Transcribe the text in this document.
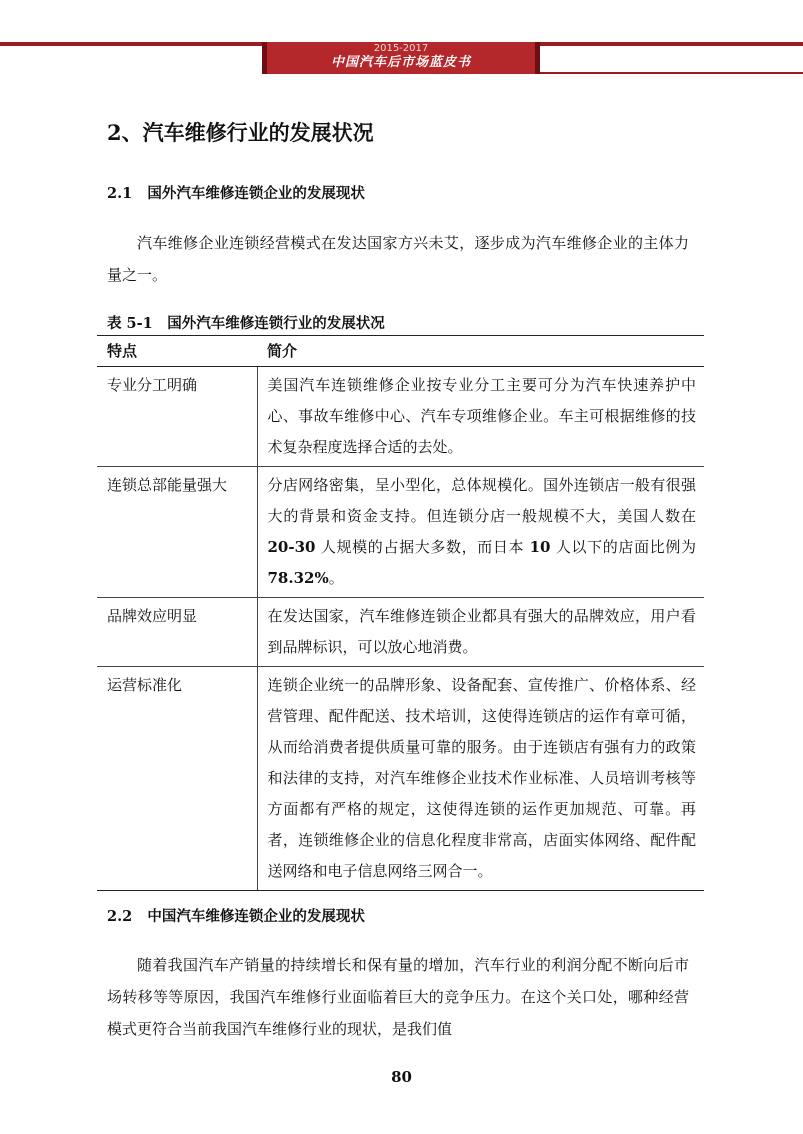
2015-2017
中国汽车后市场蓝皮书
2、汽车维修行业的发展状况
2.1 国外汽车维修连锁企业的发展现状

汽车维修企业连锁经营模式在发达国家方兴未艾，逐步成为汽车维修企业的主体力量之一。

表 5-1　国外汽车维修连锁行业的发展状况

特点	简介
专业分工明确	美国汽车连锁维修企业按专业分工主要可分为汽车快速养护中心、事故车维修中心、汽车专项维修企业。车主可根据维修的技术复杂程度选择合适的去处。
连锁总部能量强大	分店网络密集，呈小型化，总体规模化。国外连锁店一般有很强大的背景和资金支持。但连锁分店一般规模不大，美国人数在 20-30 人规模的占据大多数，而日本 10 人以下的店面比例为 78.32%。
品牌效应明显	在发达国家，汽车维修连锁企业都具有强大的品牌效应，用户看到品牌标识，可以放心地消费。
运营标准化	连锁企业统一的品牌形象、设备配套、宣传推广、价格体系、经营管理、配件配送、技术培训，这使得连锁店的运作有章可循，从而给消费者提供质量可靠的服务。由于连锁店有强有力的政策和法律的支持，对汽车维修企业技术作业标准、人员培训考核等方面都有严格的规定，这使得连锁的运作更加规范、可靠。再者，连锁维修企业的信息化程度非常高，店面实体网络、配件配送网络和电子信息网络三网合一。
2.2 中国汽车维修连锁企业的发展现状

随着我国汽车产销量的持续增长和保有量的增加，汽车行业的利润分配不断向后市场转移等等原因，我国汽车维修行业面临着巨大的竞争压力。在这个关口处，哪种经营模式更符合当前我国汽车维修行业的现状，是我们值

80
